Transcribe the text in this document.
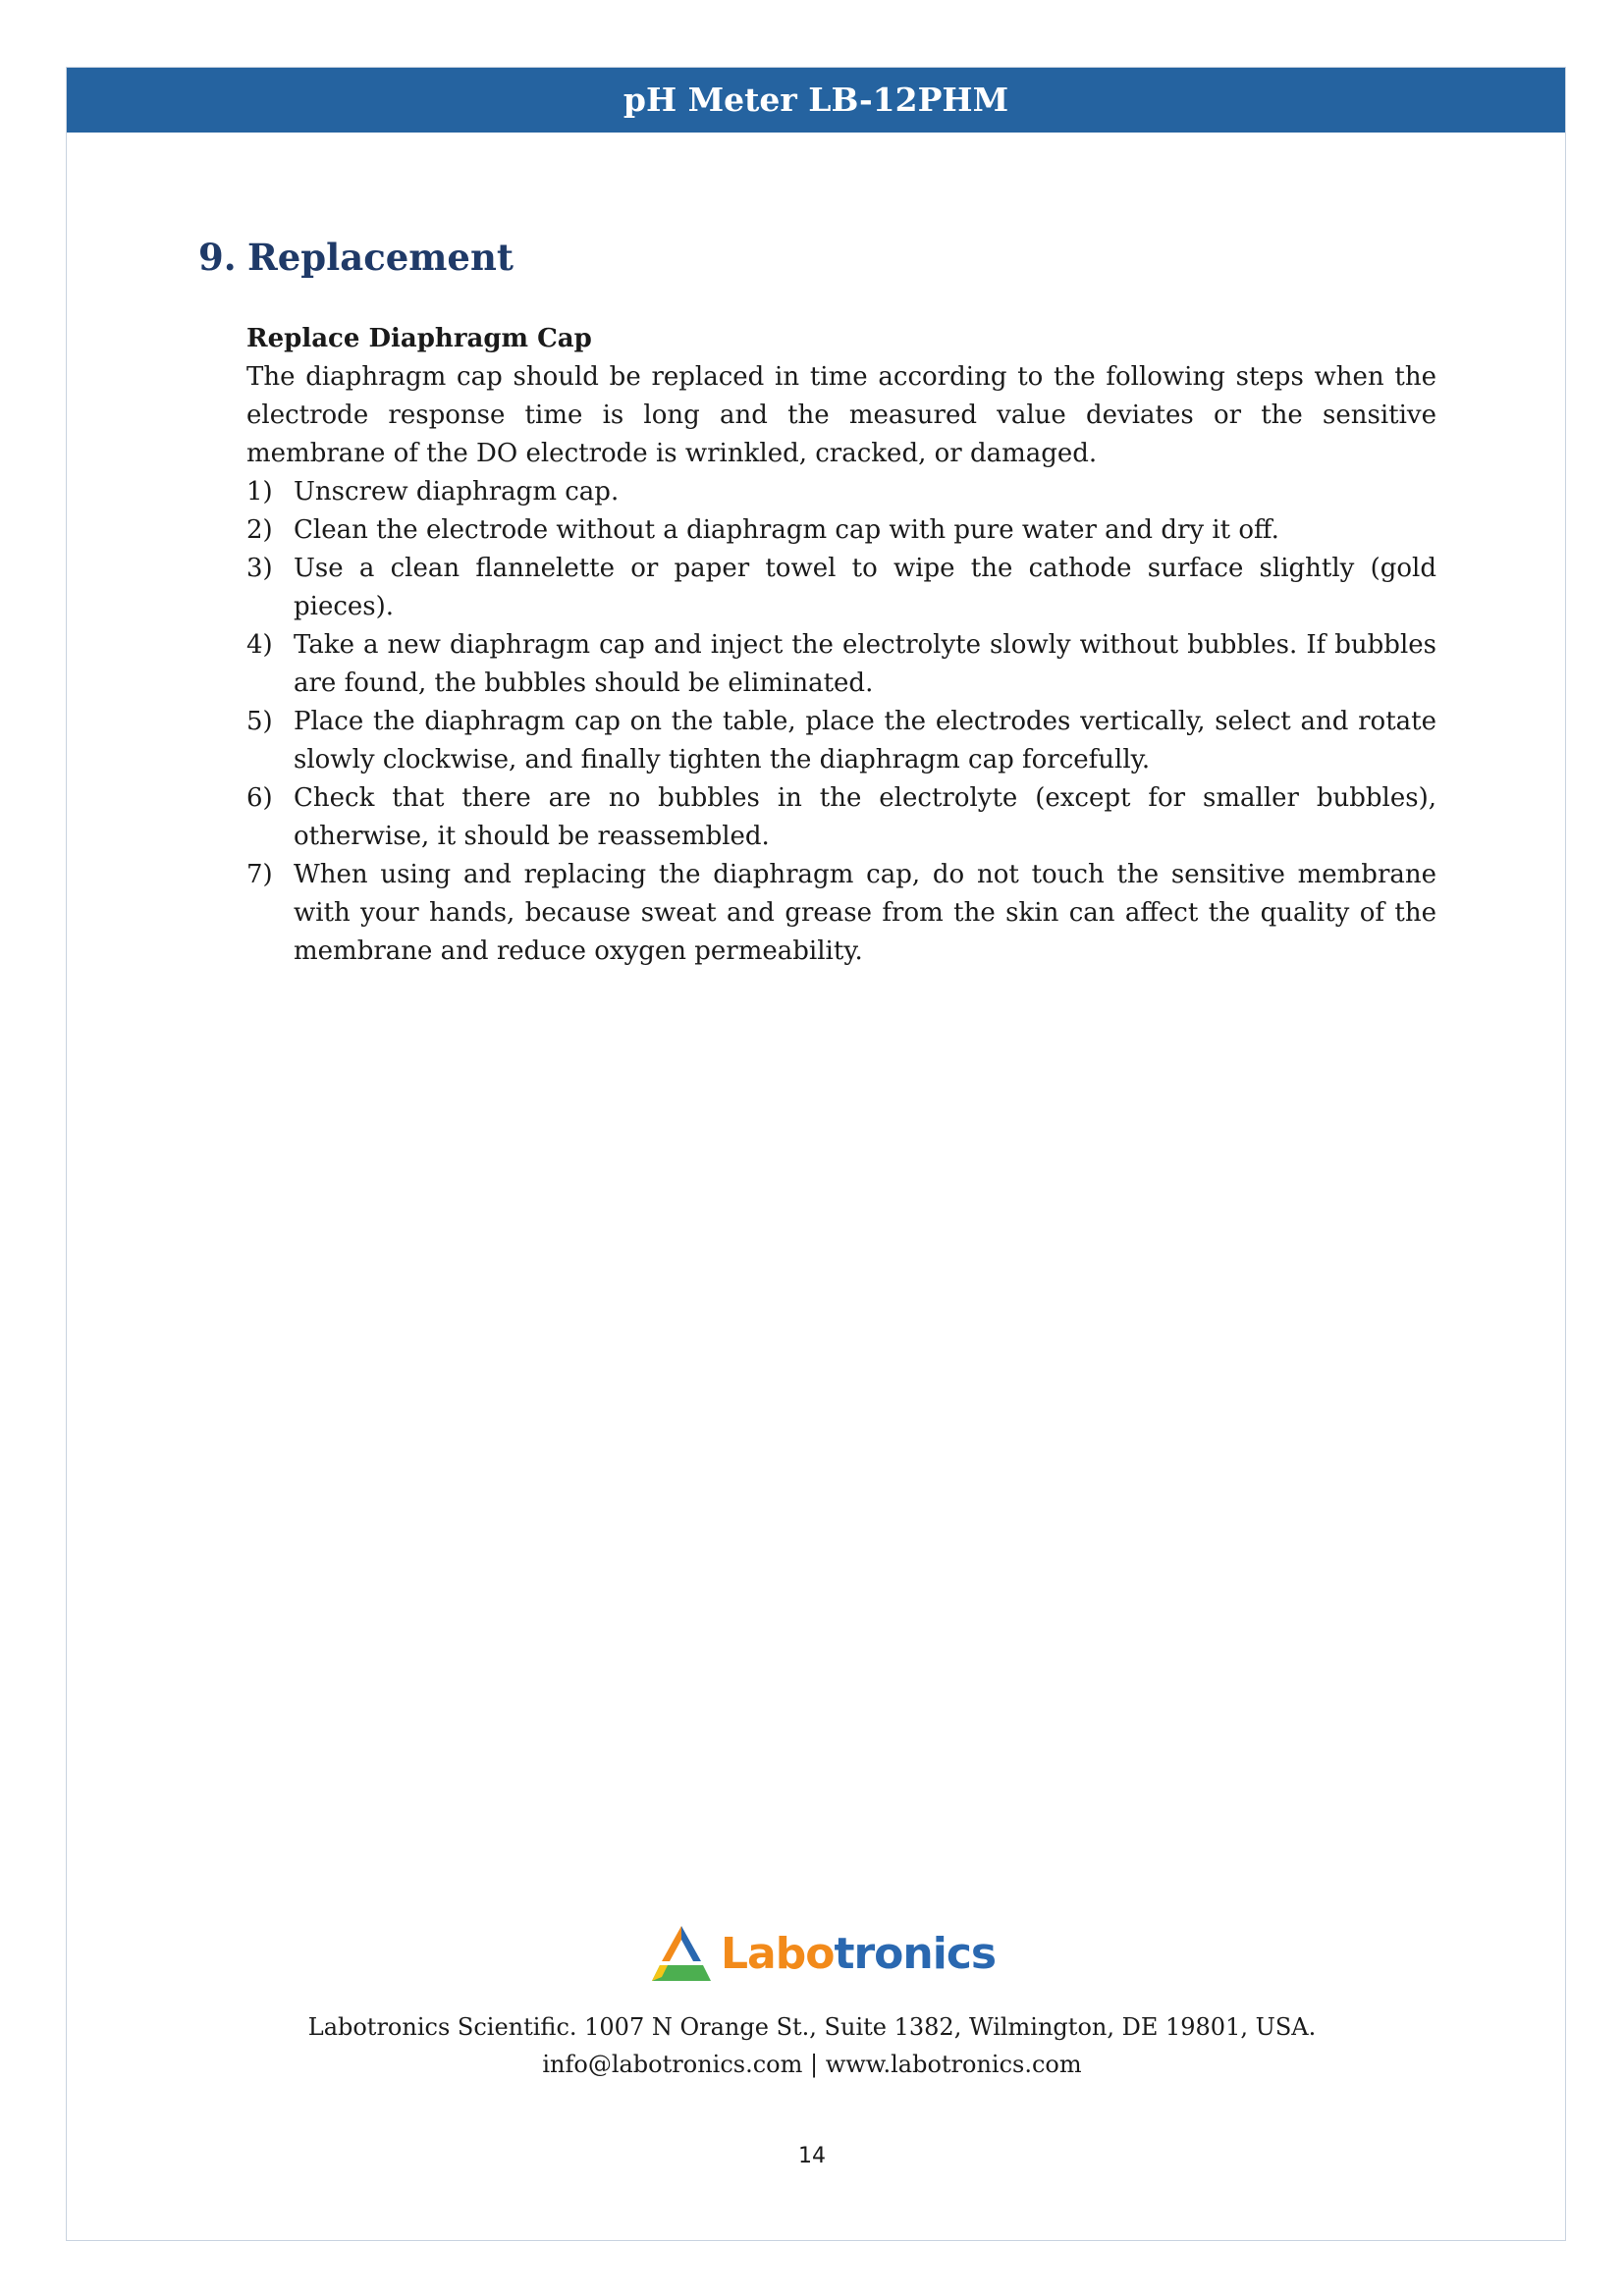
pH Meter LB-12PHM
9. Replacement

Replace Diaphragm Cap

The diaphragm cap should be replaced in time according to the following steps when the electrode response time is long and the measured value deviates or the sensitive membrane of the DO electrode is wrinkled, cracked, or damaged.

1) Unscrew diaphragm cap.
2) Clean the electrode without a diaphragm cap with pure water and dry it off.
3) Use a clean flannelette or paper towel to wipe the cathode surface slightly (gold pieces).
4) Take a new diaphragm cap and inject the electrolyte slowly without bubbles. If bubbles are found, the bubbles should be eliminated.
5) Place the diaphragm cap on the table, place the electrodes vertically, select and rotate slowly clockwise, and finally tighten the diaphragm cap forcefully.
6) Check that there are no bubbles in the electrolyte (except for smaller bubbles), otherwise, it should be reassembled.
7) When using and replacing the diaphragm cap, do not touch the sensitive membrane with your hands, because sweat and grease from the skin can affect the quality of the membrane and reduce oxygen permeability.
Labotronics
Labotronics Scientific. 1007 N Orange St., Suite 1382, Wilmington, DE 19801, USA.
info@labotronics.com | www.labotronics.com
14
